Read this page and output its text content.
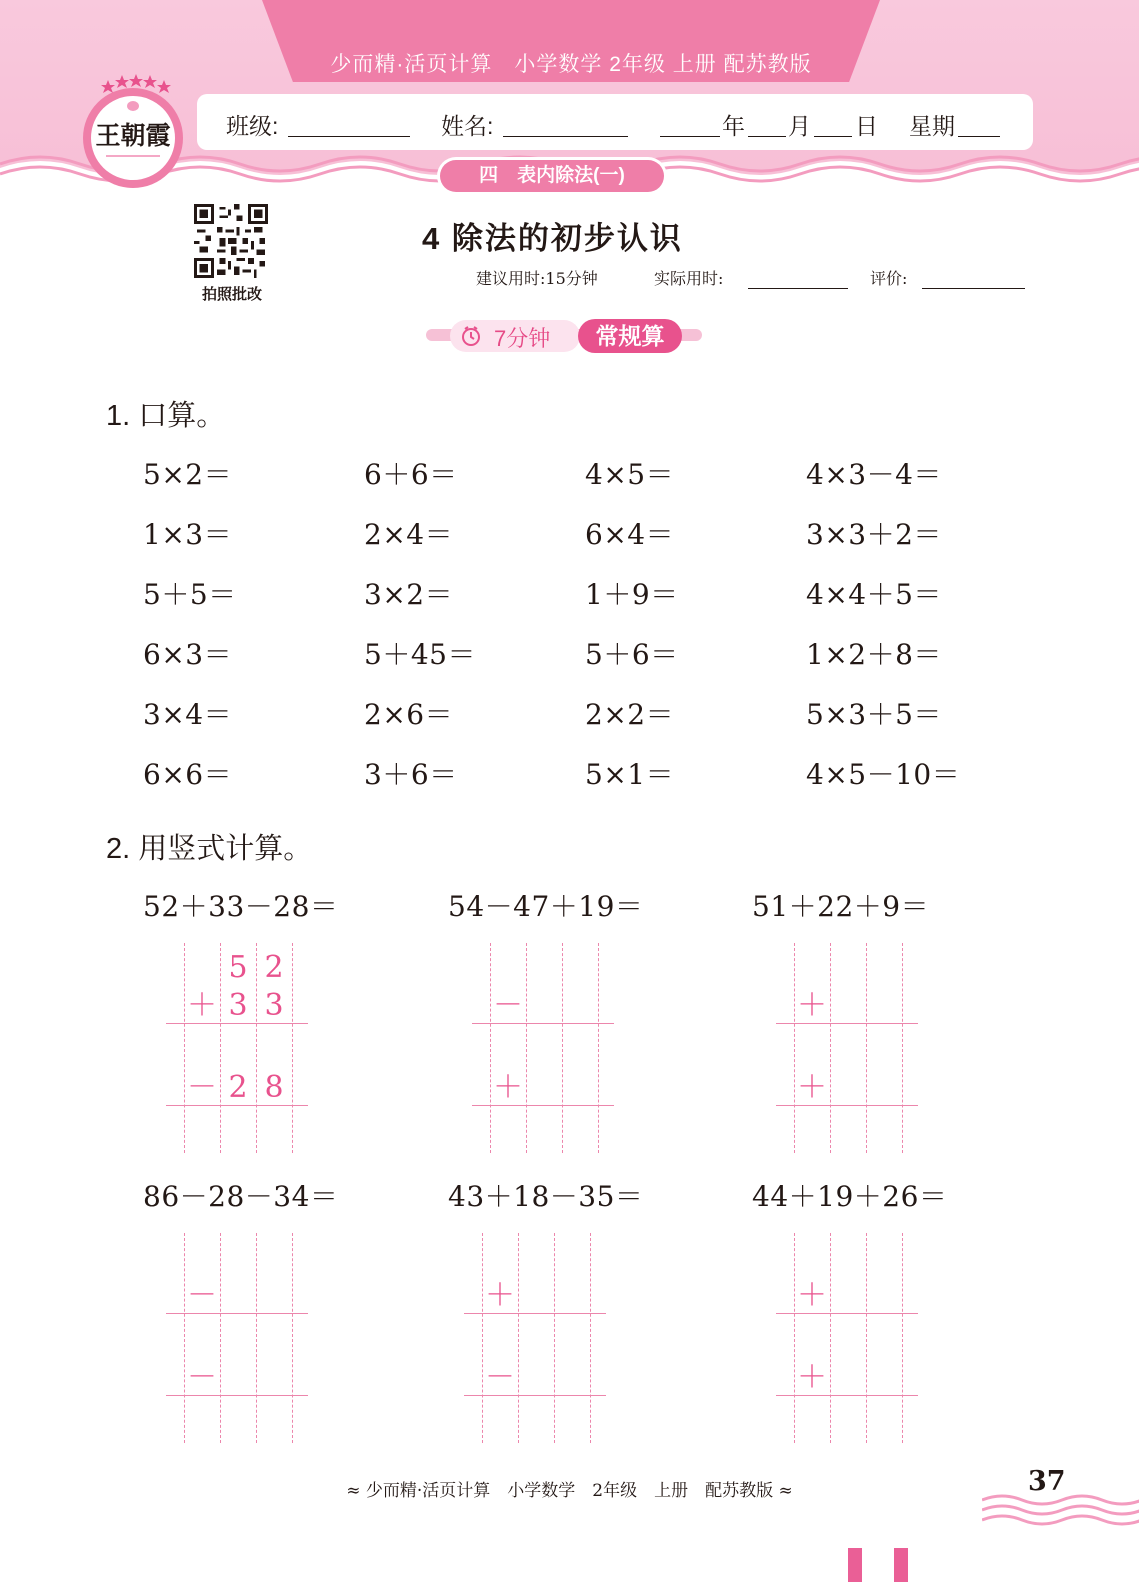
少而精·活页计算　小学数学 2年级 上册 配苏教版
班级:	姓名:	年 月 日 星期
王朝霞
四　表内除法(一)
拍照批改
4 除法的初步认识
建议用时:15分钟	实际用时:	评价:
7分钟	常规算
1. 口算。
5×2＝	6＋6＝	4×5＝	4×3－4＝
1×3＝	2×4＝	6×4＝	3×3＋2＝
5＋5＝	3×2＝	1＋9＝	4×4＋5＝
6×3＝	5＋45＝	5＋6＝	1×2＋8＝
3×4＝	2×6＝	2×2＝	5×3＋5＝
6×6＝	3＋6＝	5×1＝	4×5－10＝
2. 用竖式计算。
52＋33－28＝	54－47＋19＝	51＋22＋9＝
86－28－34＝	43＋18－35＝	44＋19＋26＝
5 2
＋ 3 3
－ 2 8
－
＋
＋
＋
－
－
＋
－
＋
＋
≈ 少而精·活页计算　小学数学　2年级　上册　配苏教版 ≈	37
